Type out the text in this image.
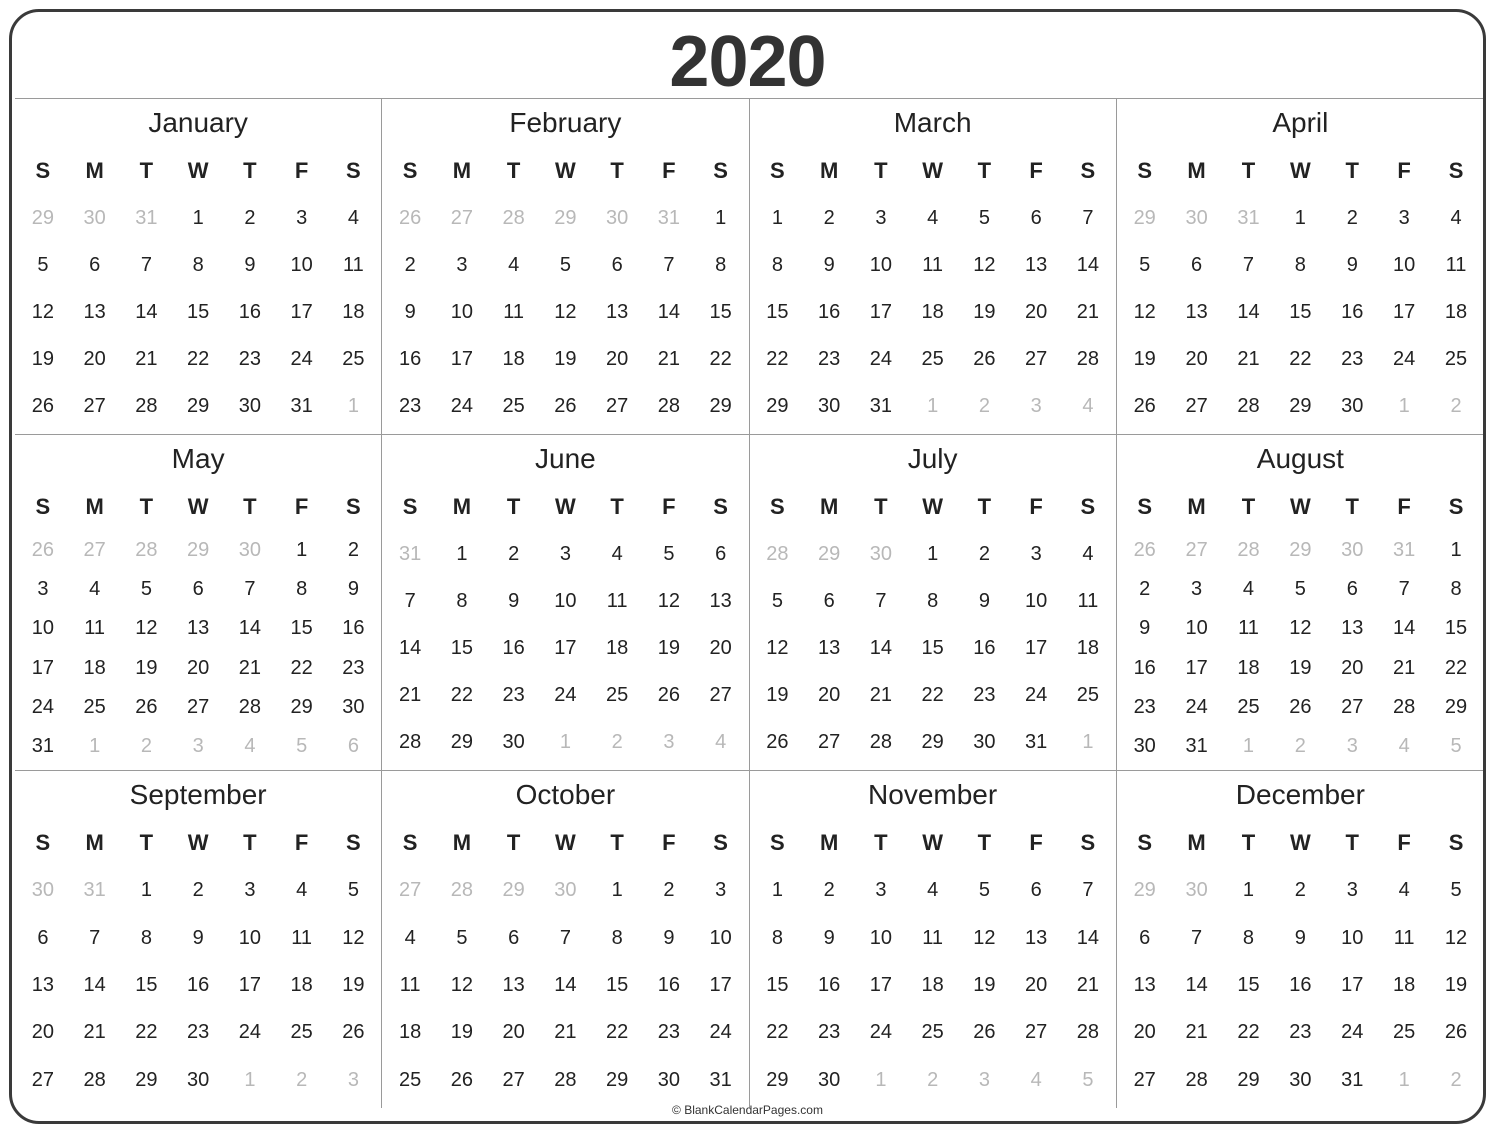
2020
January
S	M	T	W	T	F	S
29	30	31	1	2	3	4
5	6	7	8	9	10	11
12	13	14	15	16	17	18
19	20	21	22	23	24	25
26	27	28	29	30	31	1
February
S	M	T	W	T	F	S
26	27	28	29	30	31	1
2	3	4	5	6	7	8
9	10	11	12	13	14	15
16	17	18	19	20	21	22
23	24	25	26	27	28	29
March
S	M	T	W	T	F	S
1	2	3	4	5	6	7
8	9	10	11	12	13	14
15	16	17	18	19	20	21
22	23	24	25	26	27	28
29	30	31	1	2	3	4
April
S	M	T	W	T	F	S
29	30	31	1	2	3	4
5	6	7	8	9	10	11
12	13	14	15	16	17	18
19	20	21	22	23	24	25
26	27	28	29	30	1	2
May
S	M	T	W	T	F	S
26	27	28	29	30	1	2
3	4	5	6	7	8	9
10	11	12	13	14	15	16
17	18	19	20	21	22	23
24	25	26	27	28	29	30
31	1	2	3	4	5	6
June
S	M	T	W	T	F	S
31	1	2	3	4	5	6
7	8	9	10	11	12	13
14	15	16	17	18	19	20
21	22	23	24	25	26	27
28	29	30	1	2	3	4
July
S	M	T	W	T	F	S
28	29	30	1	2	3	4
5	6	7	8	9	10	11
12	13	14	15	16	17	18
19	20	21	22	23	24	25
26	27	28	29	30	31	1
August
S	M	T	W	T	F	S
26	27	28	29	30	31	1
2	3	4	5	6	7	8
9	10	11	12	13	14	15
16	17	18	19	20	21	22
23	24	25	26	27	28	29
30	31	1	2	3	4	5
September
S	M	T	W	T	F	S
30	31	1	2	3	4	5
6	7	8	9	10	11	12
13	14	15	16	17	18	19
20	21	22	23	24	25	26
27	28	29	30	1	2	3
October
S	M	T	W	T	F	S
27	28	29	30	1	2	3
4	5	6	7	8	9	10
11	12	13	14	15	16	17
18	19	20	21	22	23	24
25	26	27	28	29	30	31
November
S	M	T	W	T	F	S
1	2	3	4	5	6	7
8	9	10	11	12	13	14
15	16	17	18	19	20	21
22	23	24	25	26	27	28
29	30	1	2	3	4	5
December
S	M	T	W	T	F	S
29	30	1	2	3	4	5
6	7	8	9	10	11	12
13	14	15	16	17	18	19
20	21	22	23	24	25	26
27	28	29	30	31	1	2
© BlankCalendarPages.com
